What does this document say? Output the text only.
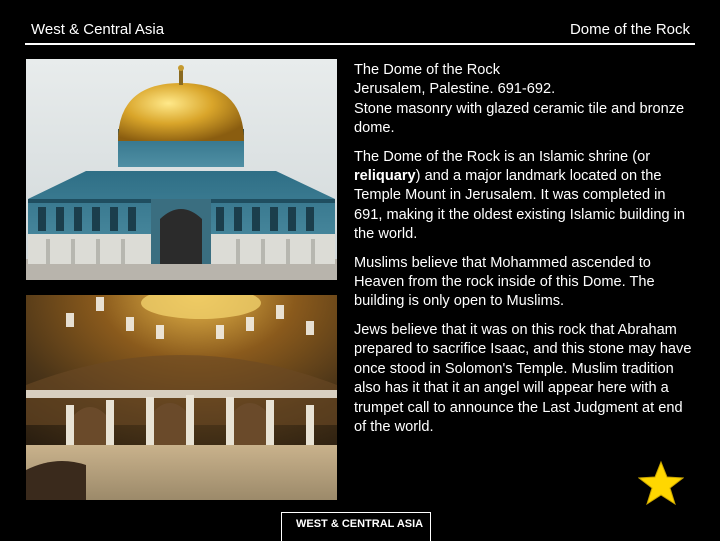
West & Central Asia	Dome of the Rock

The Dome of the Rock
Jerusalem, Palestine. 691-692.
Stone masonry with glazed ceramic tile and bronze dome.

The Dome of the Rock is an Islamic shrine (or reliquary) and a major landmark located on the Temple Mount in Jerusalem. It was completed in 691, making it the oldest existing Islamic building in the world.

Muslims believe that Mohammed ascended to Heaven from the rock inside of this Dome. The building is only open to Muslims.

Jews believe that it was on this rock that Abraham prepared to sacrifice Isaac, and this stone may have once stood in Solomon's Temple. Muslim tradition also has it that it an angel will appear here with a trumpet call to announce the Last Judgment at end of the world.

WEST & CENTRAL ASIA
